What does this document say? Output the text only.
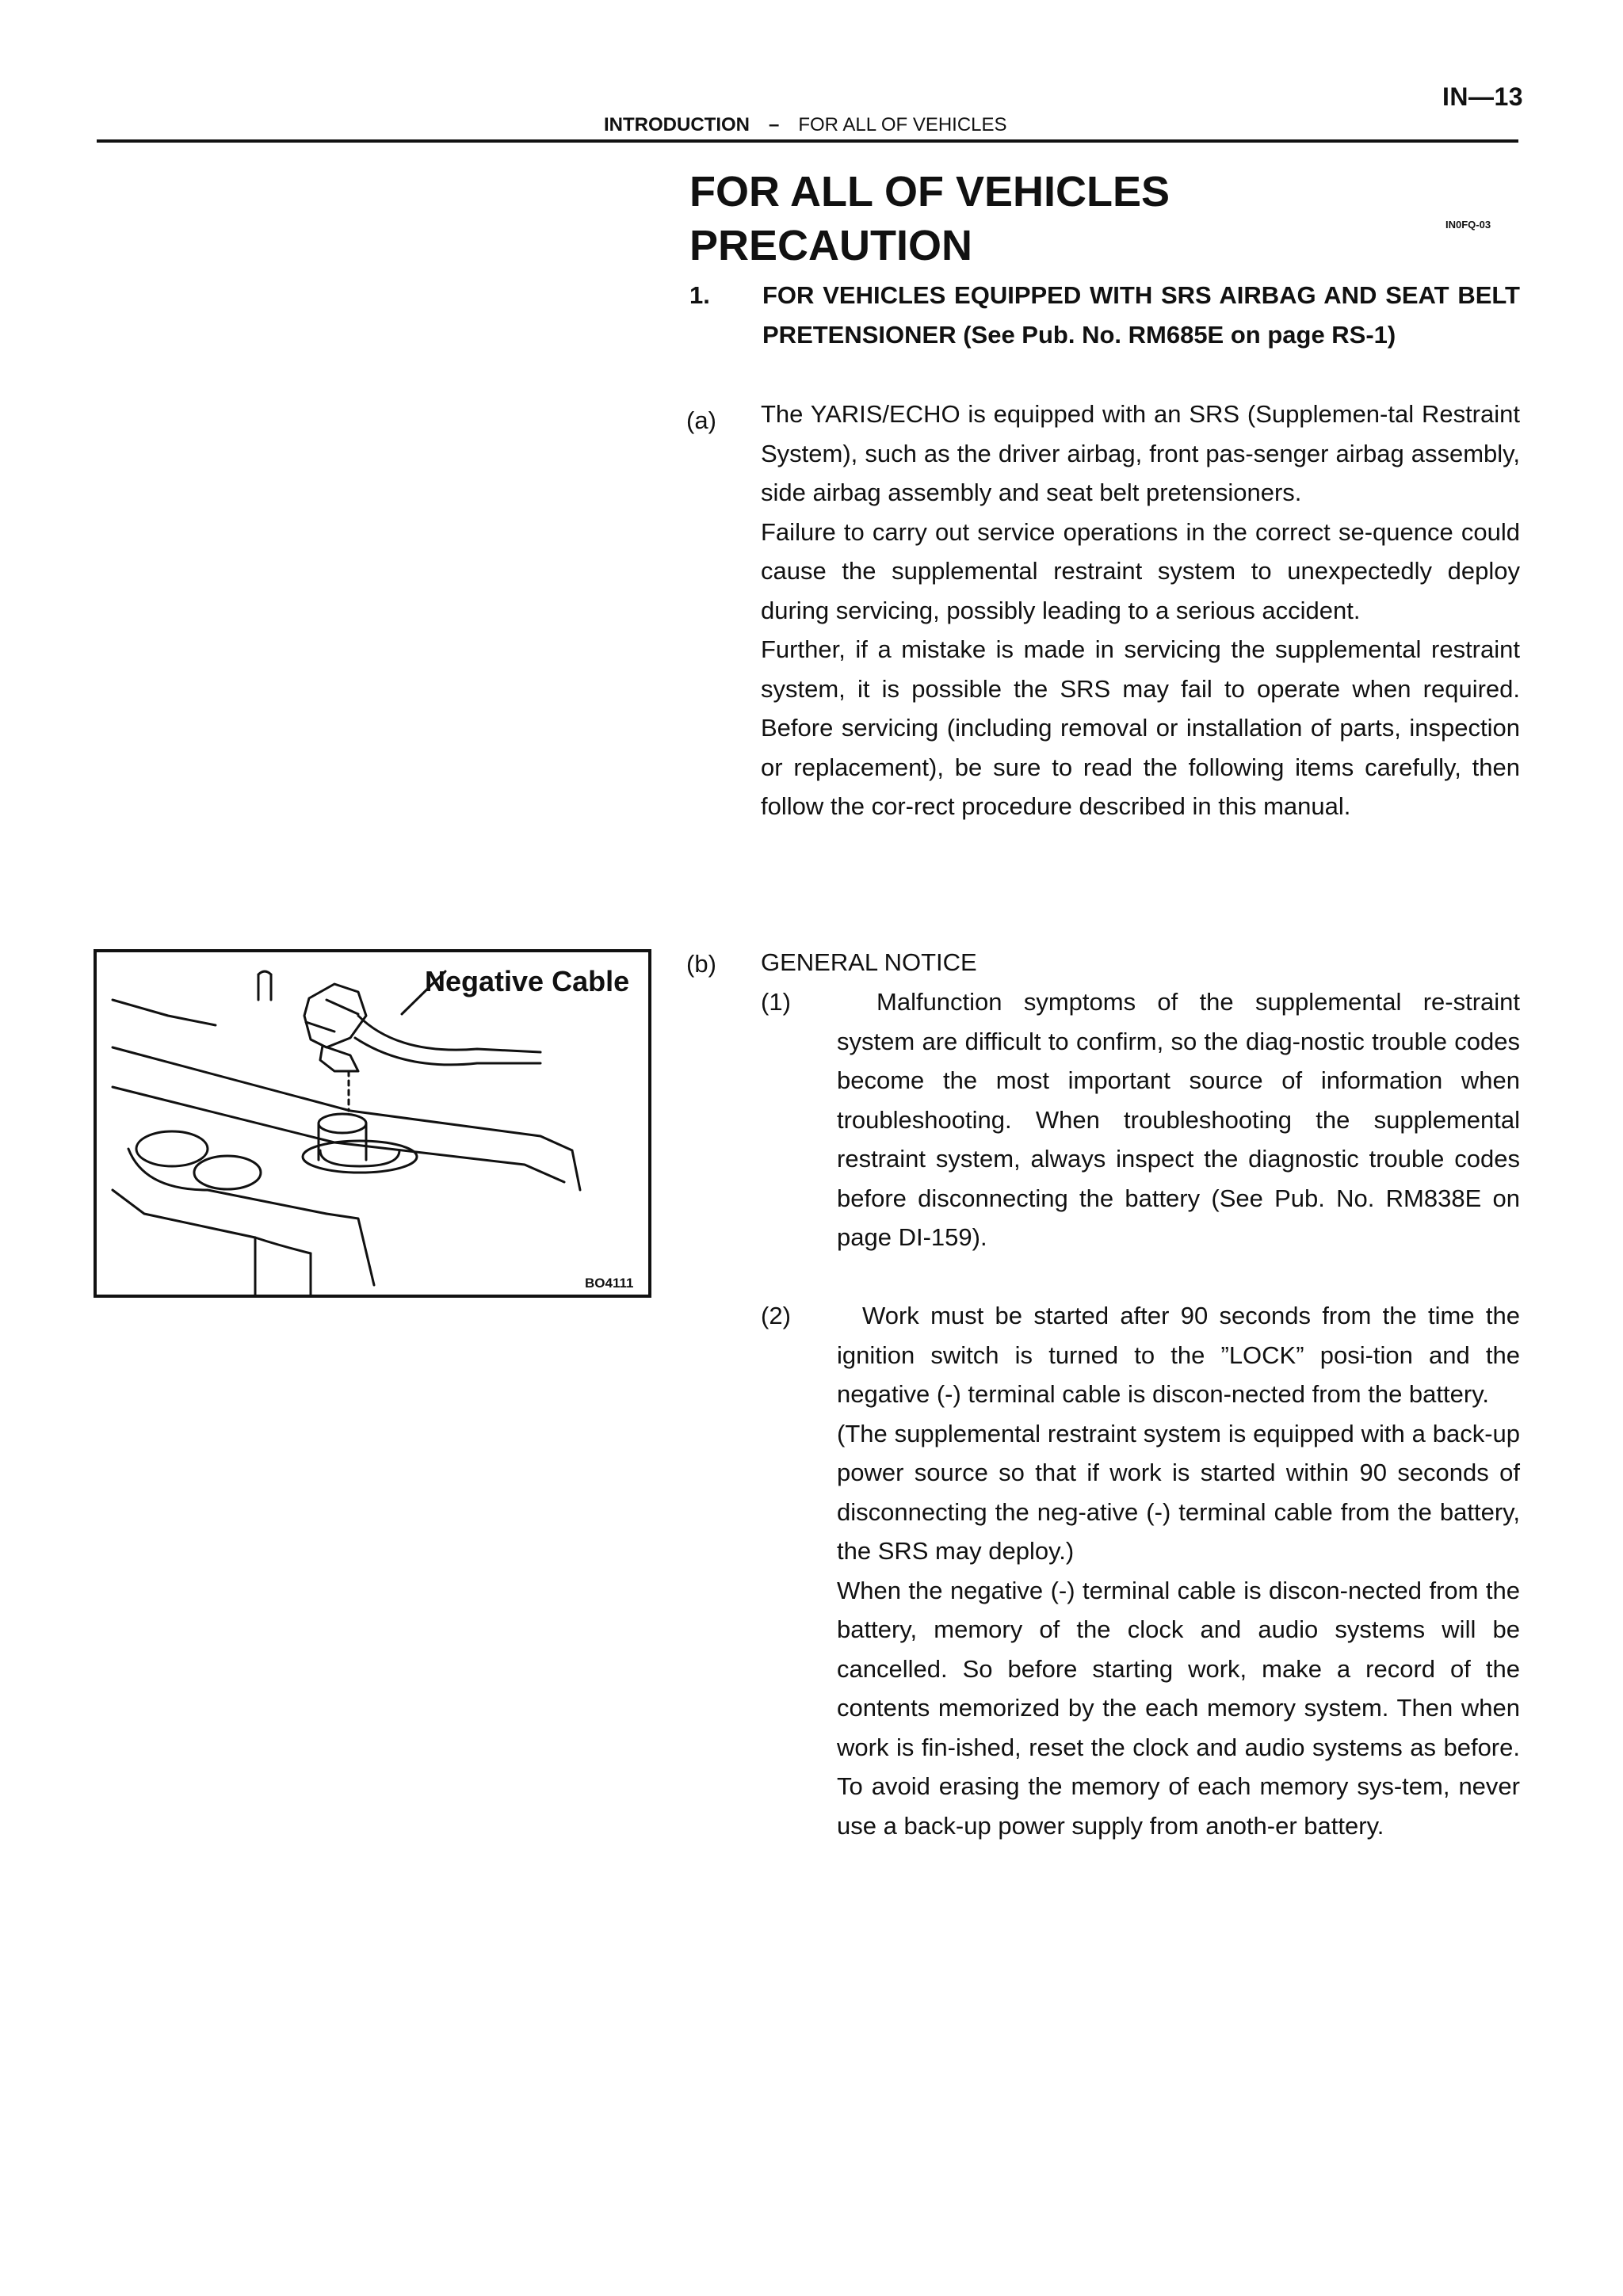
IN—13
INTRODUCTION – FOR ALL OF VEHICLES
FOR ALL OF VEHICLES
PRECAUTION	IN0FQ-03
1. FOR VEHICLES EQUIPPED WITH SRS AIRBAG AND SEAT BELT PRETENSIONER (See Pub. No. RM685E on page RS-1)

(a) The YARIS/ECHO is equipped with an SRS (Supplemen-tal Restraint System), such as the driver airbag, front pas-senger airbag assembly, side airbag assembly and seat belt pretensioners.

Failure to carry out service operations in the correct se-quence could cause the supplemental restraint system to unexpectedly deploy during servicing, possibly leading to a serious accident.

Further, if a mistake is made in servicing the supplemental restraint system, it is possible the SRS may fail to operate when required. Before servicing (including removal or installation of parts, inspection or replacement), be sure to read the following items carefully, then follow the cor-rect procedure described in this manual.

(b) GENERAL NOTICE
(1)	Malfunction symptoms of the supplemental re-straint system are difficult to confirm, so the diag-nostic trouble codes become the most important source of information when troubleshooting. When troubleshooting the supplemental restraint system, always inspect the diagnostic trouble codes before disconnecting the battery (See Pub. No. RM838E on page DI-159).

(2)	Work must be started after 90 seconds from the time the ignition switch is turned to the ”LOCK” posi-tion and the negative (-) terminal cable is discon-nected from the battery.

(The supplemental restraint system is equipped with a back-up power source so that if work is started within 90 seconds of disconnecting the neg-ative (-) terminal cable from the battery, the SRS may deploy.)

When the negative (-) terminal cable is discon-nected from the battery, memory of the clock and audio systems will be cancelled. So before starting work, make a record of the contents memorized by the each memory system. Then when work is fin-ished, reset the clock and audio systems as before. To avoid erasing the memory of each memory sys-tem, never use a back-up power supply from anoth-er battery.

Negative Cable
BO4111
